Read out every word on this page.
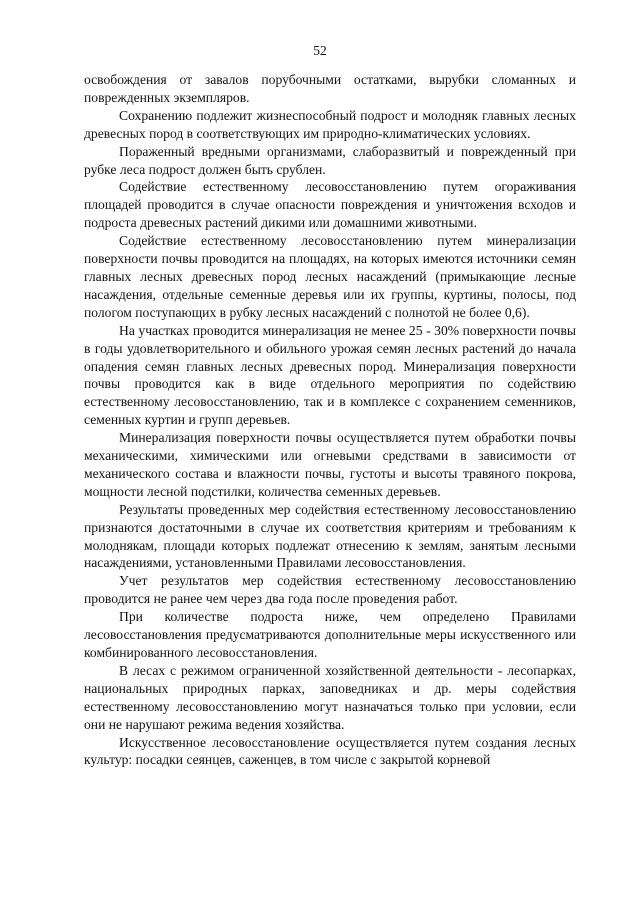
52

освобождения от завалов порубочными остатками, вырубки сломанных и поврежденных экземпляров.

Сохранению подлежит жизнеспособный подрост и молодняк главных лесных древесных пород в соответствующих им природно-климатических условиях.

Пораженный вредными организмами, слаборазвитый и поврежденный при рубке леса подрост должен быть срублен.

Содействие естественному лесовосстановлению путем огораживания площадей проводится в случае опасности повреждения и уничтожения всходов и подроста древесных растений дикими или домашними животными.

Содействие естественному лесовосстановлению путем минерализации поверхности почвы проводится на площадях, на которых имеются источники семян главных лесных древесных пород лесных насаждений (примыкающие лесные насаждения, отдельные семенные деревья или их группы, куртины, полосы, под пологом поступающих в рубку лесных насаждений с полнотой не более 0,6).

На участках проводится минерализация не менее 25 - 30% поверхности почвы в годы удовлетворительного и обильного урожая семян лесных растений до начала опадения семян главных лесных древесных пород. Минерализация поверхности почвы проводится как в виде отдельного мероприятия по содействию естественному лесовосстановлению, так и в комплексе с сохранением семенников, семенных куртин и групп деревьев.

Минерализация поверхности почвы осуществляется путем обработки почвы механическими, химическими или огневыми средствами в зависимости от механического состава и влажности почвы, густоты и высоты травяного покрова, мощности лесной подстилки, количества семенных деревьев.

Результаты проведенных мер содействия естественному лесовосстановлению признаются достаточными в случае их соответствия критериям и требованиям к молоднякам, площади которых подлежат отнесению к землям, занятым лесными насаждениями, установленными Правилами лесовосстановления.

Учет результатов мер содействия естественному лесовосстановлению проводится не ранее чем через два года после проведения работ.

При количестве подроста ниже, чем определено Правилами лесовосстановления предусматриваются дополнительные меры искусственного или комбинированного лесовосстановления.

В лесах с режимом ограниченной хозяйственной деятельности - лесопарках, национальных природных парках, заповедниках и др. меры содействия естественному лесовосстановлению могут назначаться только при условии, если они не нарушают режима ведения хозяйства.

Искусственное лесовосстановление осуществляется путем создания лесных культур: посадки сеянцев, саженцев, в том числе с закрытой корневой
